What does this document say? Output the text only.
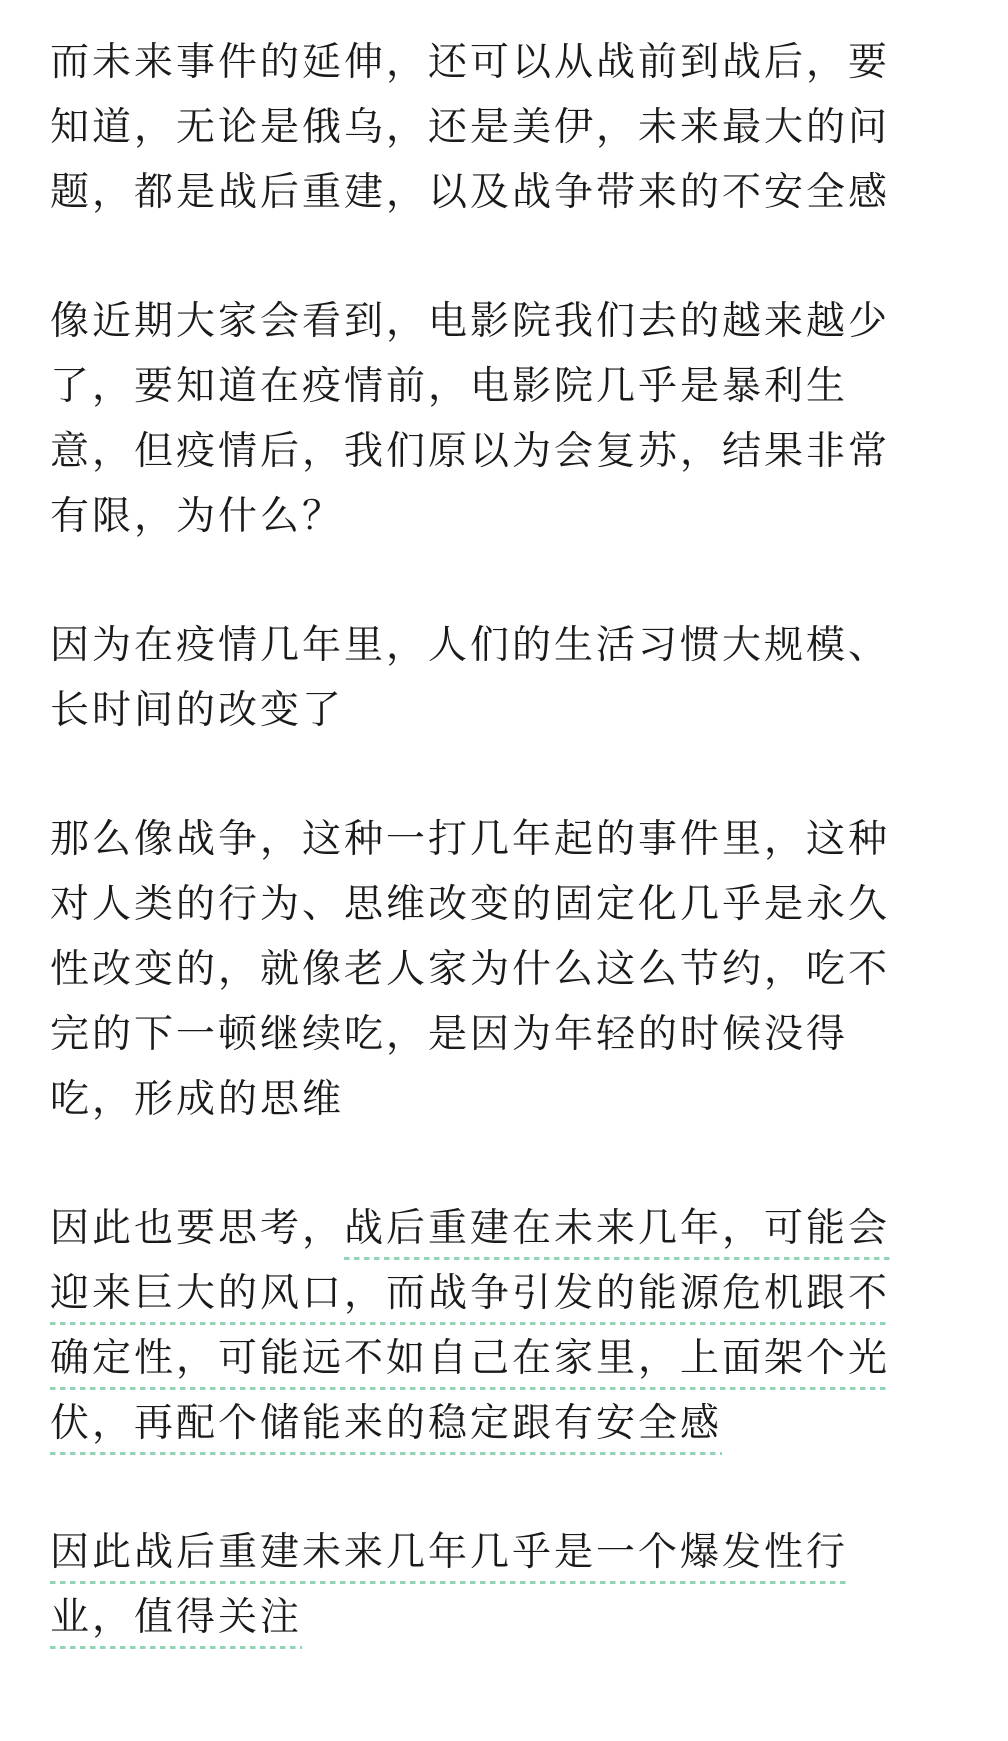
而未来事件的延伸，还可以从战前到战后，要
知道，无论是俄乌，还是美伊，未来最大的问
题，都是战后重建，以及战争带来的不安全感

像近期大家会看到，电影院我们去的越来越少
了，要知道在疫情前，电影院几乎是暴利生
意，但疫情后，我们原以为会复苏，结果非常
有限，为什么？

因为在疫情几年里，人们的生活习惯大规模、
长时间的改变了

那么像战争，这种一打几年起的事件里，这种
对人类的行为、思维改变的固定化几乎是永久
性改变的，就像老人家为什么这么节约，吃不
完的下一顿继续吃，是因为年轻的时候没得
吃，形成的思维

因此也要思考，战后重建在未来几年，可能会
迎来巨大的风口，而战争引发的能源危机跟不
确定性，可能远不如自己在家里，上面架个光
伏，再配个储能来的稳定跟有安全感

因此战后重建未来几年几乎是一个爆发性行
业，值得关注
